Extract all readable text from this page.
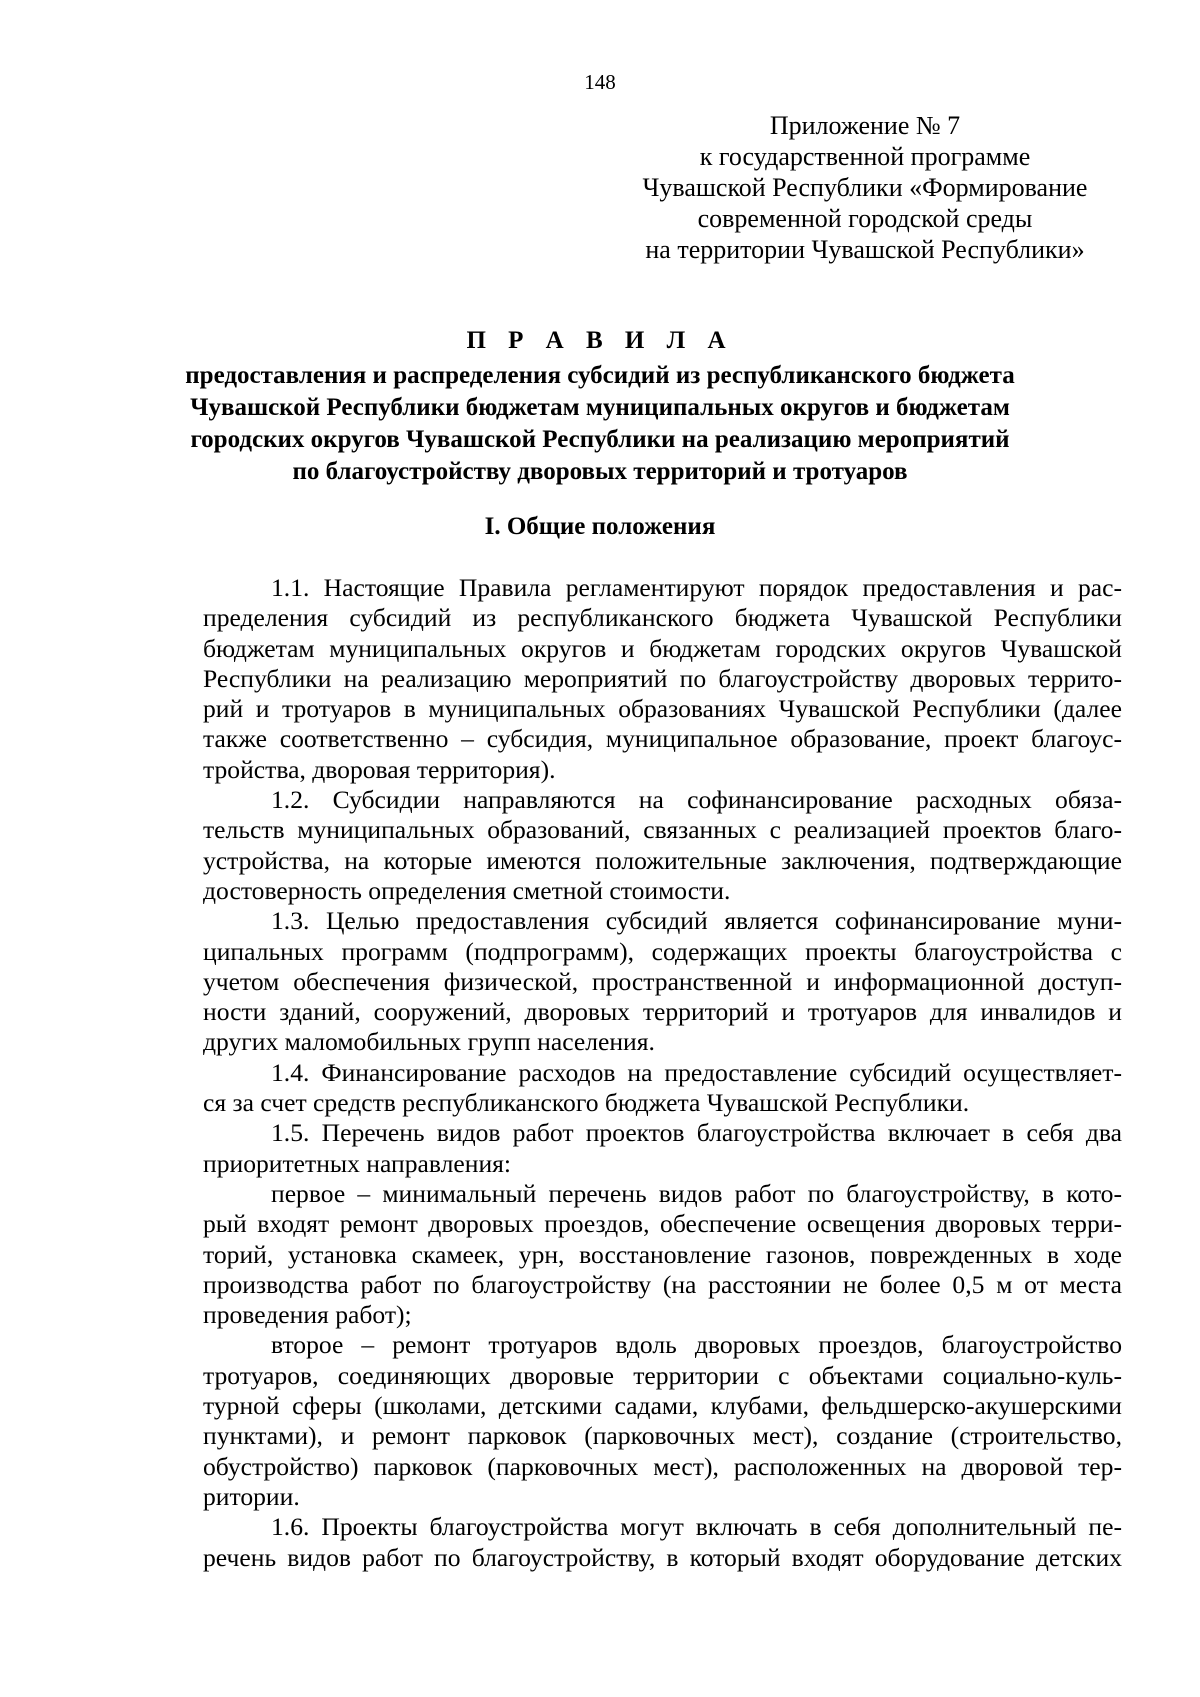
148
Приложение № 7
к государственной программе
Чувашской Республики «Формирование
современной городской среды
на территории Чувашской Республики»
П Р А В И Л А
предоставления и распределения субсидий из республиканского бюджета
Чувашской Республики бюджетам муниципальных округов и бюджетам
городских округов Чувашской Республики на реализацию мероприятий
по благоустройству дворовых территорий и тротуаров
I. Общие положения
1.1. Настоящие Правила регламентируют порядок предоставления и рас-
пределения субсидий из республиканского бюджета Чувашской Республики
бюджетам муниципальных округов и бюджетам городских округов Чувашской
Республики на реализацию мероприятий по благоустройству дворовых террито-
рий и тротуаров в муниципальных образованиях Чувашской Республики (далее
также соответственно – субсидия, муниципальное образование, проект благоус-
тройства, дворовая территория).
1.2. Субсидии направляются на софинансирование расходных обяза-
тельств муниципальных образований, связанных с реализацией проектов благо-
устройства, на которые имеются положительные заключения, подтверждающие
достоверность определения сметной стоимости.
1.3. Целью предоставления субсидий является софинансирование муни-
ципальных программ (подпрограмм), содержащих проекты благоустройства с
учетом обеспечения физической, пространственной и информационной доступ-
ности зданий, сооружений, дворовых территорий и тротуаров для инвалидов и
других маломобильных групп населения.
1.4. Финансирование расходов на предоставление субсидий осуществляет-
ся за счет средств республиканского бюджета Чувашской Республики.
1.5. Перечень видов работ проектов благоустройства включает в себя два
приоритетных направления:
первое – минимальный перечень видов работ по благоустройству, в кото-
рый входят ремонт дворовых проездов, обеспечение освещения дворовых терри-
торий, установка скамеек, урн, восстановление газонов, поврежденных в ходе
производства работ по благоустройству (на расстоянии не более 0,5 м от места
проведения работ);
второе – ремонт тротуаров вдоль дворовых проездов, благоустройство
тротуаров, соединяющих дворовые территории с объектами социально-куль-
турной сферы (школами, детскими садами, клубами, фельдшерско-акушерскими
пунктами), и ремонт парковок (парковочных мест), создание (строительство,
обустройство) парковок (парковочных мест), расположенных на дворовой тер-
ритории.
1.6. Проекты благоустройства могут включать в себя дополнительный пе-
речень видов работ по благоустройству, в который входят оборудование детских
